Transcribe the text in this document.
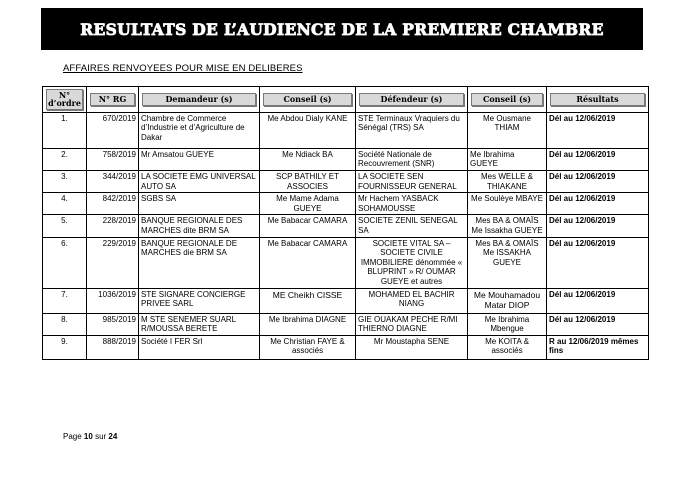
RESULTATS DE L’AUDIENCE DE LA PREMIERE CHAMBRE
AFFAIRES RENVOYEES POUR MISE EN DELIBERES
N° d’ordre	N° RG	Demandeur (s)	Conseil (s)	Défendeur (s)	Conseil (s)	Résultats

1.	670/2019	Chambre de Commerce d’Industrie et d’Agriculture de Dakar	Me Abdou Dialy KANE	STE Terminaux Vraquiers du Sénégal (TRS) SA	Me Ousmane THIAM	Dél au 12/06/2019
2.	758/2019	Mr Amsatou GUEYE	Me Ndiack BA	Société Nationale de Recouvrement (SNR)	Me Ibrahima GUEYE	Dél au 12/06/2019
3.	344/2019	LA SOCIETE EMG UNIVERSAL AUTO SA	SCP BATHILY ET ASSOCIES	LA SOCIETE SEN FOURNISSEUR GENERAL	Mes WELLE & THIAKANE	Dél au 12/06/2019
4.	842/2019	SGBS SA	Me Mame Adama GUEYE	Mr Hachem YASBACK SOHAMOUSSE	Me Soulèye MBAYE	Dél au 12/06/2019
5.	228/2019	BANQUE REGIONALE DES MARCHES dite BRM SA	Me Babacar CAMARA	SOCIETE ZENIL SENEGAL SA	Mes BA & OMAÏS Me Issakha GUEYE	Dél au 12/06/2019
6.	229/2019	BANQUE REGIONALE DE MARCHES die BRM SA	Me Babacar CAMARA	SOCIETE VITAL SA –SOCIETE CIVILE IMMOBILIERE dénommée « BLUPRINT » R/ OUMAR GUEYE et autres	Mes BA & OMAÏS Me ISSAKHA GUEYE	Dél au 12/06/2019
7.	1036/2019	STE SIGNARE CONCIERGE PRIVEE SARL	ME Cheikh CISSE	MOHAMED EL BACHIR NIANG	Me Mouhamadou Matar DIOP	Dél au 12/06/2019
8.	985/2019	M STE SENEMER SUARL R/MOUSSA BERETE	Me Ibrahima DIAGNE	GIE OUAKAM PECHE R/MI THIERNO DIAGNE	Me Ibrahima Mbengue	Dél au 12/06/2019
9.	888/2019	Société I FER Srl	Me Christian FAYE & associés	Mr Moustapha SENE	Me KOITA & associés	R au 12/06/2019 mêmes fins
Page 10 sur 24
